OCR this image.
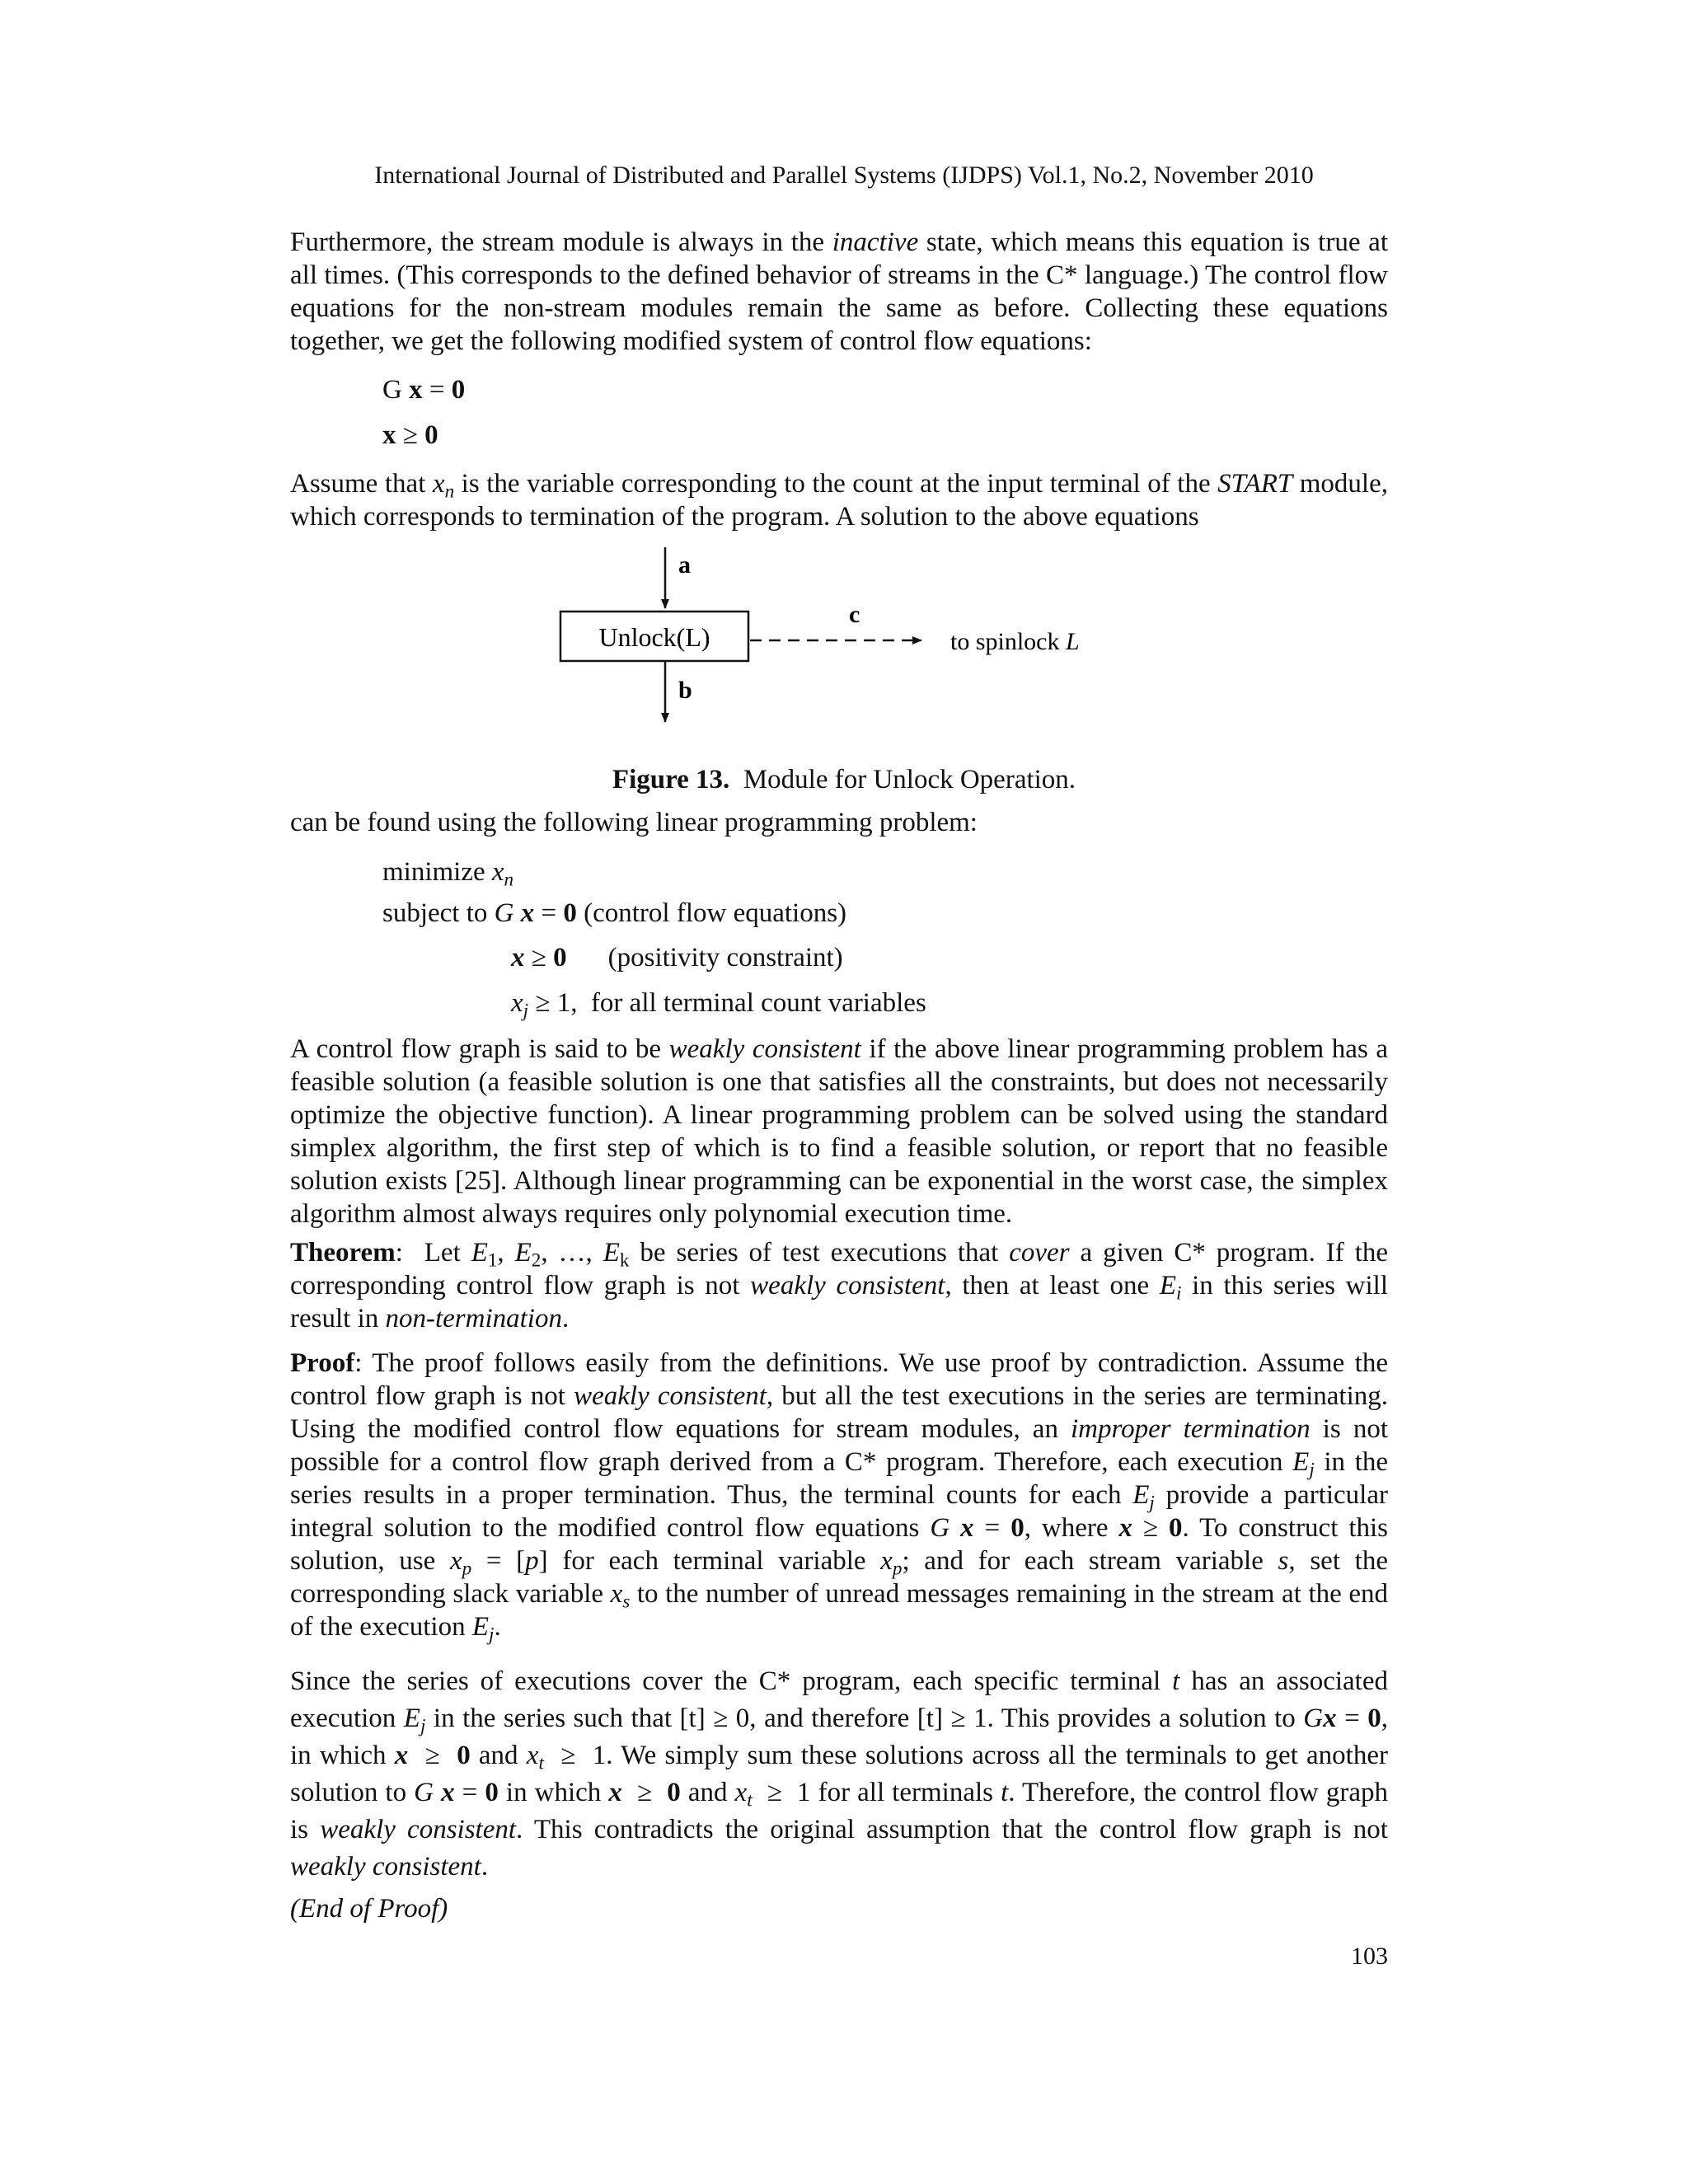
International Journal of Distributed and Parallel Systems (IJDPS) Vol.1, No.2, November 2010

Furthermore, the stream module is always in the inactive state, which means this equation is true at all times. (This corresponds to the defined behavior of streams in the C* language.) The control flow equations for the non-stream modules remain the same as before. Collecting these equations together, we get the following modified system of control flow equations:

G x = 0
x ≥ 0

Assume that $x_n$ is the variable corresponding to the count at the input terminal of the START module, which corresponds to termination of the program. A solution to the above equations

a
Unlock(L)
b
c
to spinlock L
Figure 13. Module for Unlock Operation.

can be found using the following linear programming problem:

minimize $x_n$
subject to G x = 0 (control flow equations)
x ≥ 0 (positivity constraint)
$x_j \ge 1$,  for all terminal count variables

A control flow graph is said to be weakly consistent if the above linear programming problem has a feasible solution (a feasible solution is one that satisfies all the constraints, but does not necessarily optimize the objective function). A linear programming problem can be solved using the standard simplex algorithm, the first step of which is to find a feasible solution, or report that no feasible solution exists [25]. Although linear programming can be exponential in the worst case, the simplex algorithm almost always requires only polynomial execution time.

Theorem:  Let $E_1$, $E_2$, …, $E_k$ be series of test executions that cover a given C* program. If the corresponding control flow graph is not weakly consistent, then at least one $E_i$ in this series will result in non-termination.

Proof: The proof follows easily from the definitions. We use proof by contradiction. Assume the control flow graph is not weakly consistent, but all the test executions in the series are terminating. Using the modified control flow equations for stream modules, an improper termination is not possible for a control flow graph derived from a C* program. Therefore, each execution $E_j$ in the series results in a proper termination. Thus, the terminal counts for each $E_j$ provide a particular integral solution to the modified control flow equations G x = 0, where x ≥ 0. To construct this solution, use $x_p = [p]$ for each terminal variable $x_p$; and for each stream variable s, set the corresponding slack variable $x_s$ to the number of unread messages remaining in the stream at the end of the execution $E_j$.

Since the series of executions cover the C* program, each specific terminal t has an associated execution $E_j$ in the series such that [t] ≥ 0, and therefore [t] ≥ 1. This provides a solution to Gx = 0, in which x  ≥  0 and $x_t \ge 1$. We simply sum these solutions across all the terminals to get another solution to G x = 0 in which x  ≥  0 and $x_t \ge 1$ for all terminals t. Therefore, the control flow graph is weakly consistent. This contradicts the original assumption that the control flow graph is not weakly consistent.

(End of Proof)
103
